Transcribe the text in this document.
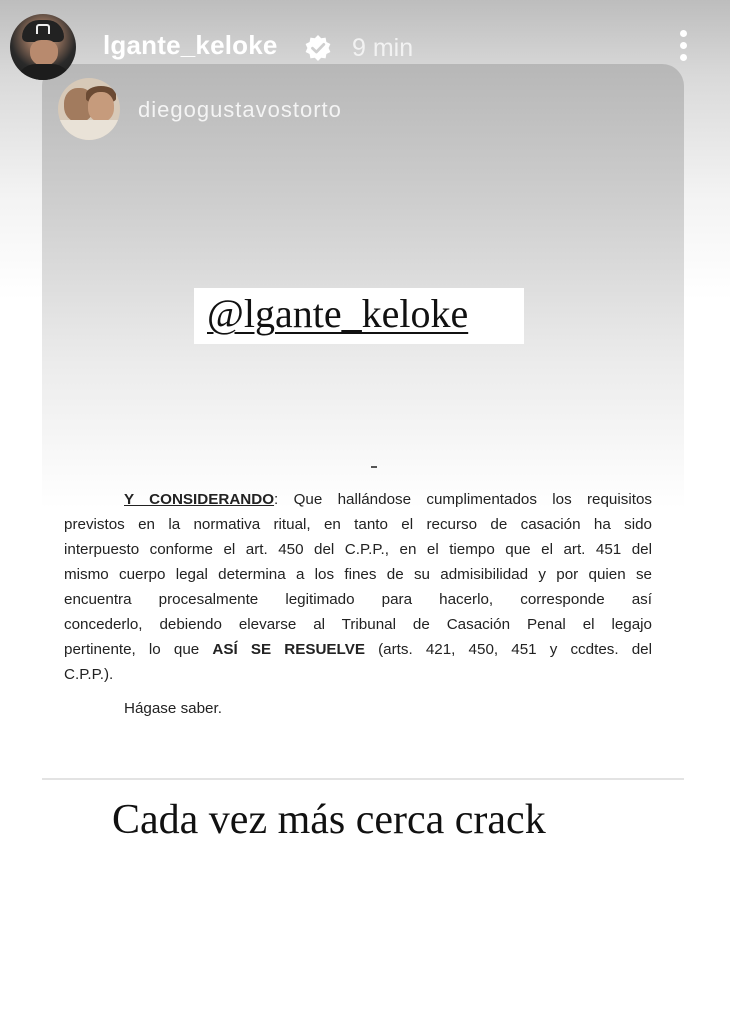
lgante_keloke	9 min
diegogustavostorto
@lgante_keloke
Y CONSIDERANDO: Que hallándose cumplimentados los requisitos
previstos en la normativa ritual, en tanto el recurso de casación ha sido
interpuesto conforme el art. 450 del C.P.P., en el tiempo que el art. 451 del
mismo cuerpo legal determina a los fines de su admisibilidad y por quien se
encuentra procesalmente legitimado para hacerlo, corresponde así
concederlo, debiendo elevarse al Tribunal de Casación Penal el legajo
pertinente, lo que ASÍ SE RESUELVE (arts. 421, 450, 451 y ccdtes. del
C.P.P.).
Hágase saber.
Cada vez más cerca crack
